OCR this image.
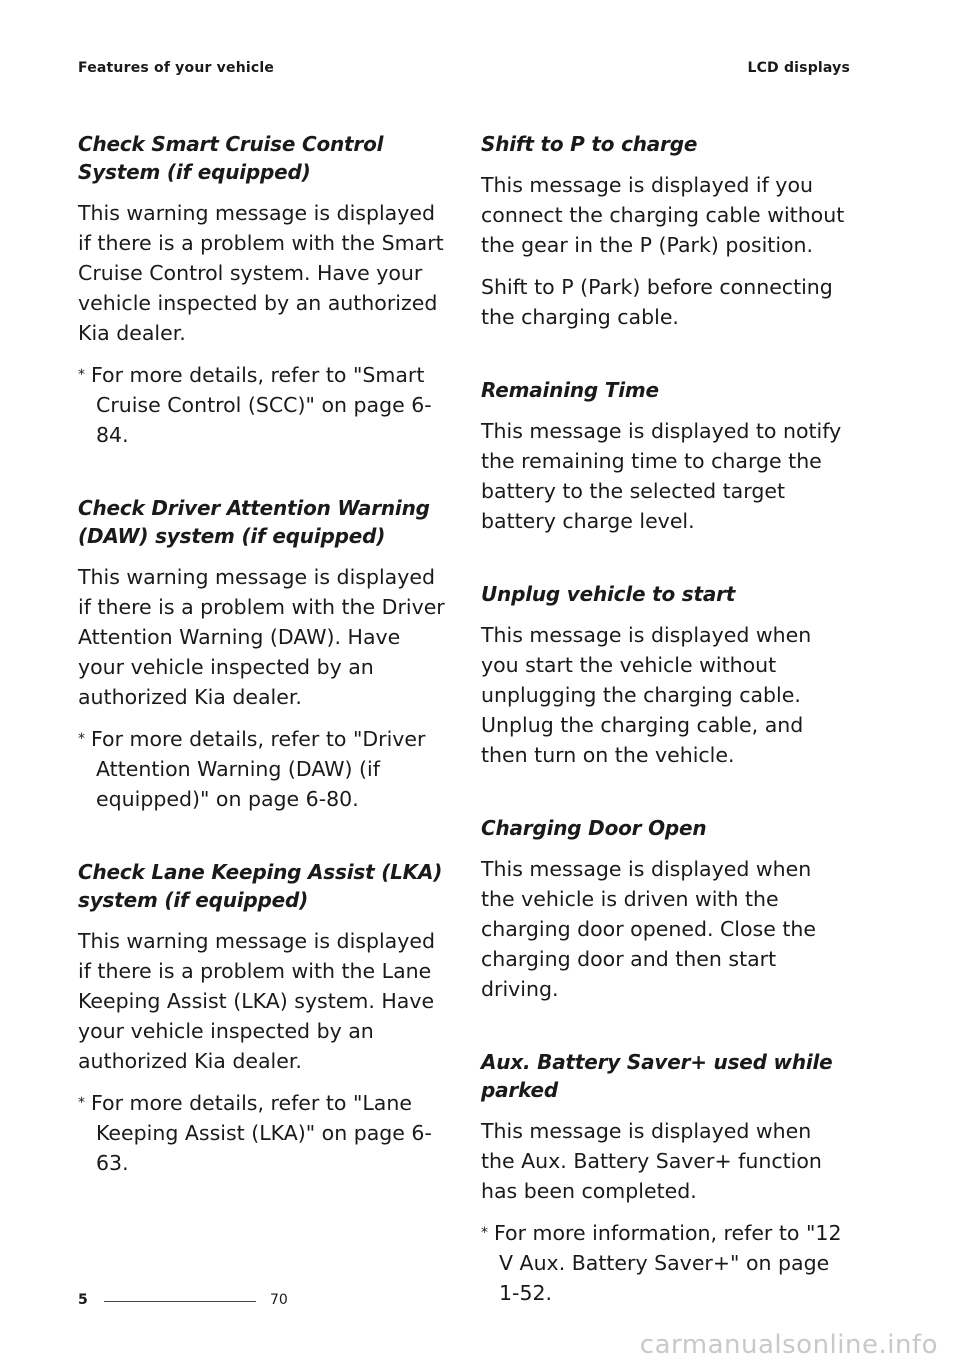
Features of your vehicle	LCD displays
Check Smart Cruise Control System (if equipped)

This warning message is displayed if there is a problem with the Smart Cruise Control system. Have your vehicle inspected by an authorized Kia dealer.

* For more details, refer to "Smart Cruise Control (SCC)" on page 6-84.

Check Driver Attention Warning (DAW) system (if equipped)

This warning message is displayed if there is a problem with the Driver Attention Warning (DAW). Have your vehicle inspected by an authorized Kia dealer.

* For more details, refer to "Driver Attention Warning (DAW) (if equipped)" on page 6-80.

Check Lane Keeping Assist (LKA) system (if equipped)

This warning message is displayed if there is a problem with the Lane Keeping Assist (LKA) system. Have your vehicle inspected by an authorized Kia dealer.

* For more details, refer to "Lane Keeping Assist (LKA)" on page 6-63.

Shift to P to charge

This message is displayed if you connect the charging cable without the gear in the P (Park) position.

Shift to P (Park) before connecting the charging cable.

Remaining Time

This message is displayed to notify the remaining time to charge the battery to the selected target battery charge level.

Unplug vehicle to start

This message is displayed when you start the vehicle without unplugging the charging cable. Unplug the charging cable, and then turn on the vehicle.

Charging Door Open

This message is displayed when the vehicle is driven with the charging door opened. Close the charging door and then start driving.

Aux. Battery Saver+ used while parked

This message is displayed when the Aux. Battery Saver+ function has been completed.

* For more information, refer to "12 V Aux. Battery Saver+" on page 1-52.

5	70
carmanualsonline.info
